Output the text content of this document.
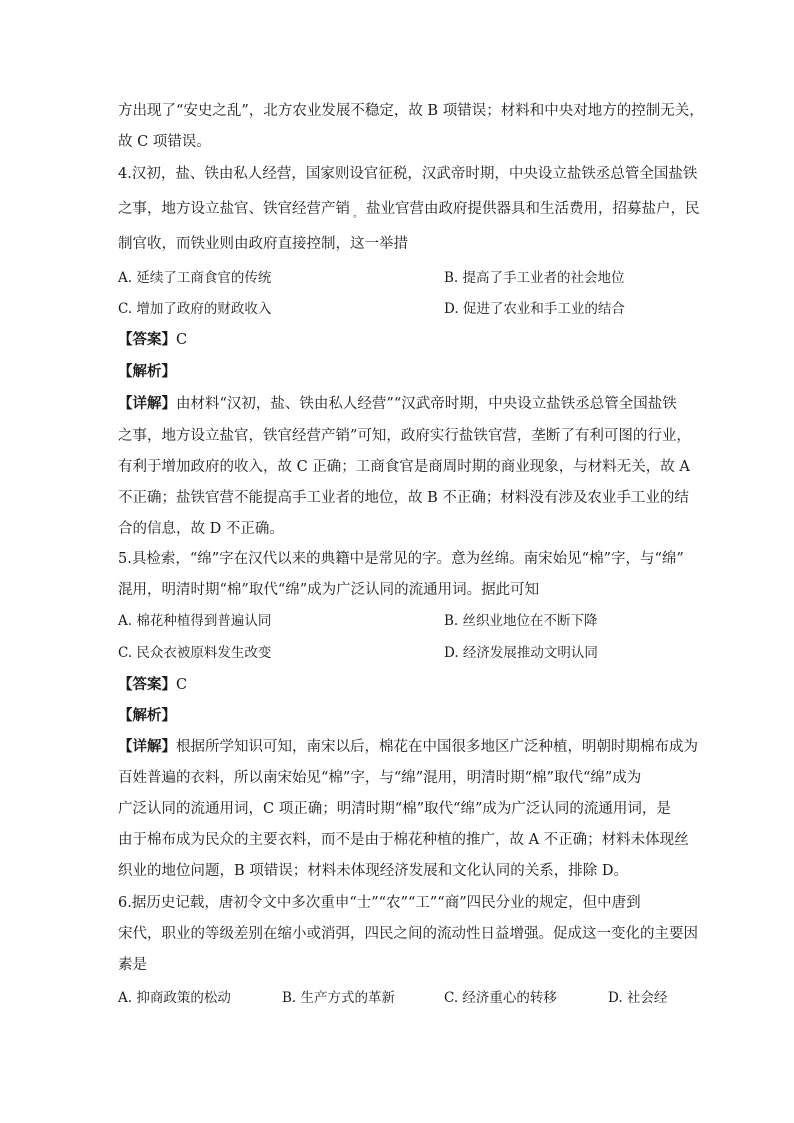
方出现了“安史之乱”，北方农业发展不稳定，故 B 项错误；材料和中央对地方的控制无关，
故 C 项错误。
4.汉初，盐、铁由私人经营，国家则设官征税，汉武帝时期，中央设立盐铁丞总管全国盐铁
之事，地方设立盐官、铁官经营产销 。 盐业官营由政府提供器具和生活费用，招募盐户，民
制官收，而铁业则由政府直接控制，这一举措
A. 延续了工商食官的传统	B. 提高了手工业者的社会地位
C. 增加了政府的财政收入	D. 促进了农业和手工业的结合
【答案】C
【解析】
【详解】由材料“汉初，盐、铁由私人经营”“汉武帝时期，中央设立盐铁丞总管全国盐铁
之事，地方设立盐官，铁官经营产销”可知，政府实行盐铁官营，垄断了有利可图的行业，
有利于增加政府的收入，故 C 正确；工商食官是商周时期的商业现象，与材料无关，故 A
不正确；盐铁官营不能提高手工业者的地位，故 B 不正确；材料没有涉及农业手工业的结
合的信息，故 D 不正确。
5.具检索，“绵”字在汉代以来的典籍中是常见的字。意为丝绵。南宋始见“棉”字，与“绵”
混用，明清时期“棉”取代“绵”成为广泛认同的流通用词。据此可知
A. 棉花种植得到普遍认同	B. 丝织业地位在不断下降
C. 民众衣被原料发生改变	D. 经济发展推动文明认同
【答案】C
【解析】
【详解】根据所学知识可知，南宋以后，棉花在中国很多地区广泛种植，明朝时期棉布成为
百姓普遍的衣料，所以南宋始见“棉”字，与“绵”混用，明清时期“棉”取代“绵”成为
广泛认同的流通用词，C 项正确；明清时期“棉”取代“绵”成为广泛认同的流通用词，是
由于棉布成为民众的主要衣料，而不是由于棉花种植的推广，故 A 不正确；材料未体现丝
织业的地位问题，B 项错误；材料未体现经济发展和文化认同的关系，排除 D。
6.据历史记载，唐初令文中多次重申“士”“农”“工”“商”四民分业的规定，但中唐到
宋代，职业的等级差别在缩小或消弭，四民之间的流动性日益增强。促成这一变化的主要因
素是
A. 抑商政策的松动	B. 生产方式的革新	C. 经济重心的转移	D. 社会经
